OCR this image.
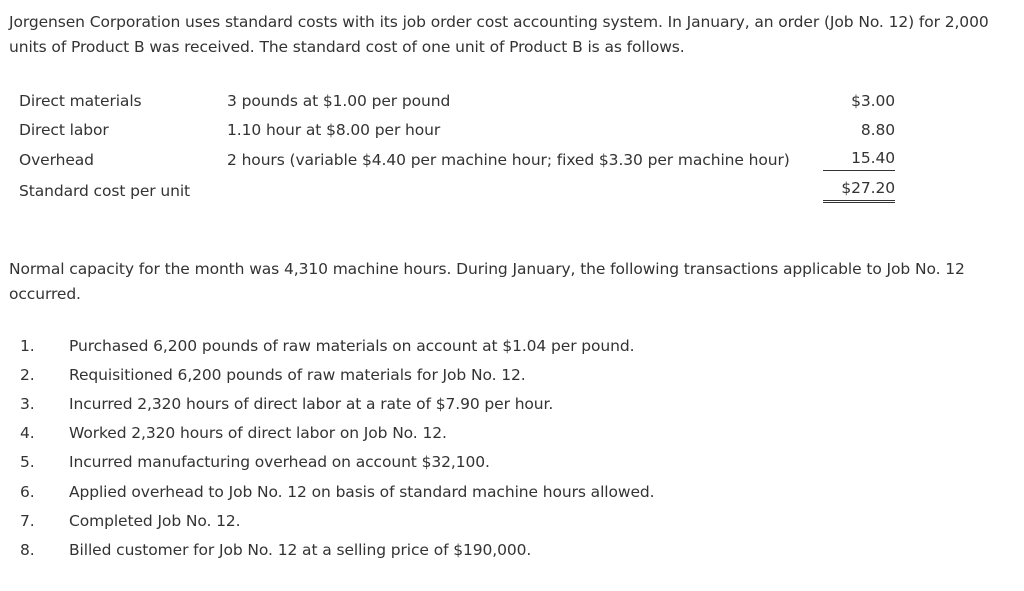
Jorgensen Corporation uses standard costs with its job order cost accounting system. In January, an order (Job No. 12) for 2,000 units of Product B was received. The standard cost of one unit of Product B is as follows.

Direct materials	3 pounds at $1.00 per pound	$3.00
Direct labor	1.10 hour at $8.00 per hour	8.80
Overhead	2 hours (variable $4.40 per machine hour; fixed $3.30 per machine hour)	15.40
Standard cost per unit		$27.20

Normal capacity for the month was 4,310 machine hours. During January, the following transactions applicable to Job No. 12 occurred.

1.	Purchased 6,200 pounds of raw materials on account at $1.04 per pound.
2.	Requisitioned 6,200 pounds of raw materials for Job No. 12.
3.	Incurred 2,320 hours of direct labor at a rate of $7.90 per hour.
4.	Worked 2,320 hours of direct labor on Job No. 12.
5.	Incurred manufacturing overhead on account $32,100.
6.	Applied overhead to Job No. 12 on basis of standard machine hours allowed.
7.	Completed Job No. 12.
8.	Billed customer for Job No. 12 at a selling price of $190,000.
